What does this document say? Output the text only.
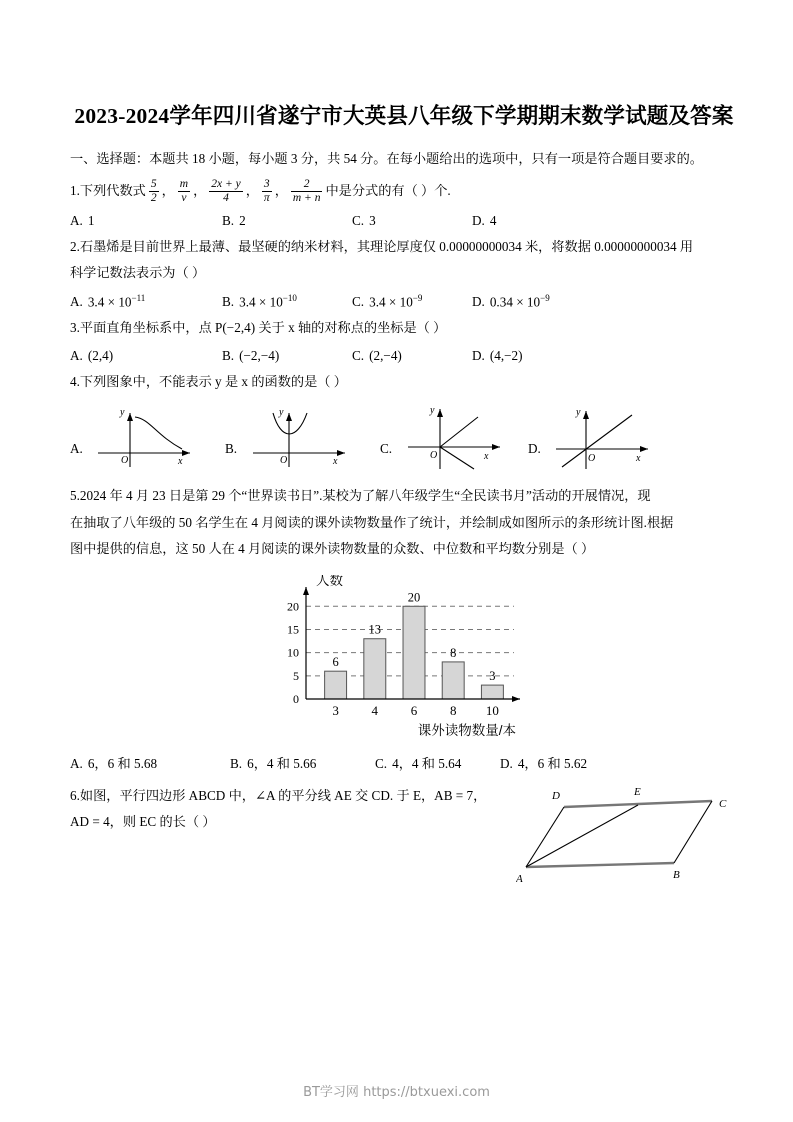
2023-2024学年四川省遂宁市大英县八年级下学期期末数学试题及答案

一、选择题：本题共 18 小题，每小题 3 分，共 54 分。在每小题给出的选项中，只有一项是符合题目要求的。

1.下列代数式 $\frac{5}{2}$ ， $\frac{m}{v}$ ， $\frac{2x + y}{4}$ ， $\frac{3}{\pi}$ ， $\frac{2}{m + n}$ 中是分式的有（ ）个.
A. 1	B. 2	C. 3	D. 4
2.石墨烯是目前世界上最薄、最坚硬的纳米材料，其理论厚度仅 0.00000000034 米，将数据 0.00000000034 用
科学记数法表示为（ ）
A. $3.4 \times 10^{-11}$	B. $3.4 \times 10^{-10}$	C. $3.4 \times 10^{-9}$	D. $0.34 \times 10^{-9}$
3.平面直角坐标系中，点 P(−2,4) 关于 x 轴的对称点的坐标是（ ）
A. (2,4)	B. (−2,−4)	C. (2,−4)	D. (4,−2)
4.下列图象中，不能表示 y 是 x 的函数的是（ ）
A.
O
y
x
B.
O
y
x
C.	O
y
x
D.
O
y
x
5.2024 年 4 月 23 日是第 29 个“世界读书日”.某校为了解八年级学生“全民读书月”活动的开展情况，现
在抽取了八年级的 50 名学生在 4 月阅读的课外读物数量作了统计，并绘制成如图所示的条形统计图.根据
图中提供的信息，这 50 人在 4 月阅读的课外读物数量的众数、中位数和平均数分别是（ ）
0
5
10
15
20
6
3
13
4
20
6
8
8
3
10
人数
课外读物数量/本
A. 6，6 和 5.68	B. 6，4 和 5.66	C. 4，4 和 5.64	D. 4，6 和 5.62
6.如图，平行四边形 ABCD 中，∠A 的平分线 AE 交 CD. 于 E，AB = 7，
AD = 4，则 EC 的长（ ）
D	E
C
A	B
BT学习网 https://btxuexi.com
